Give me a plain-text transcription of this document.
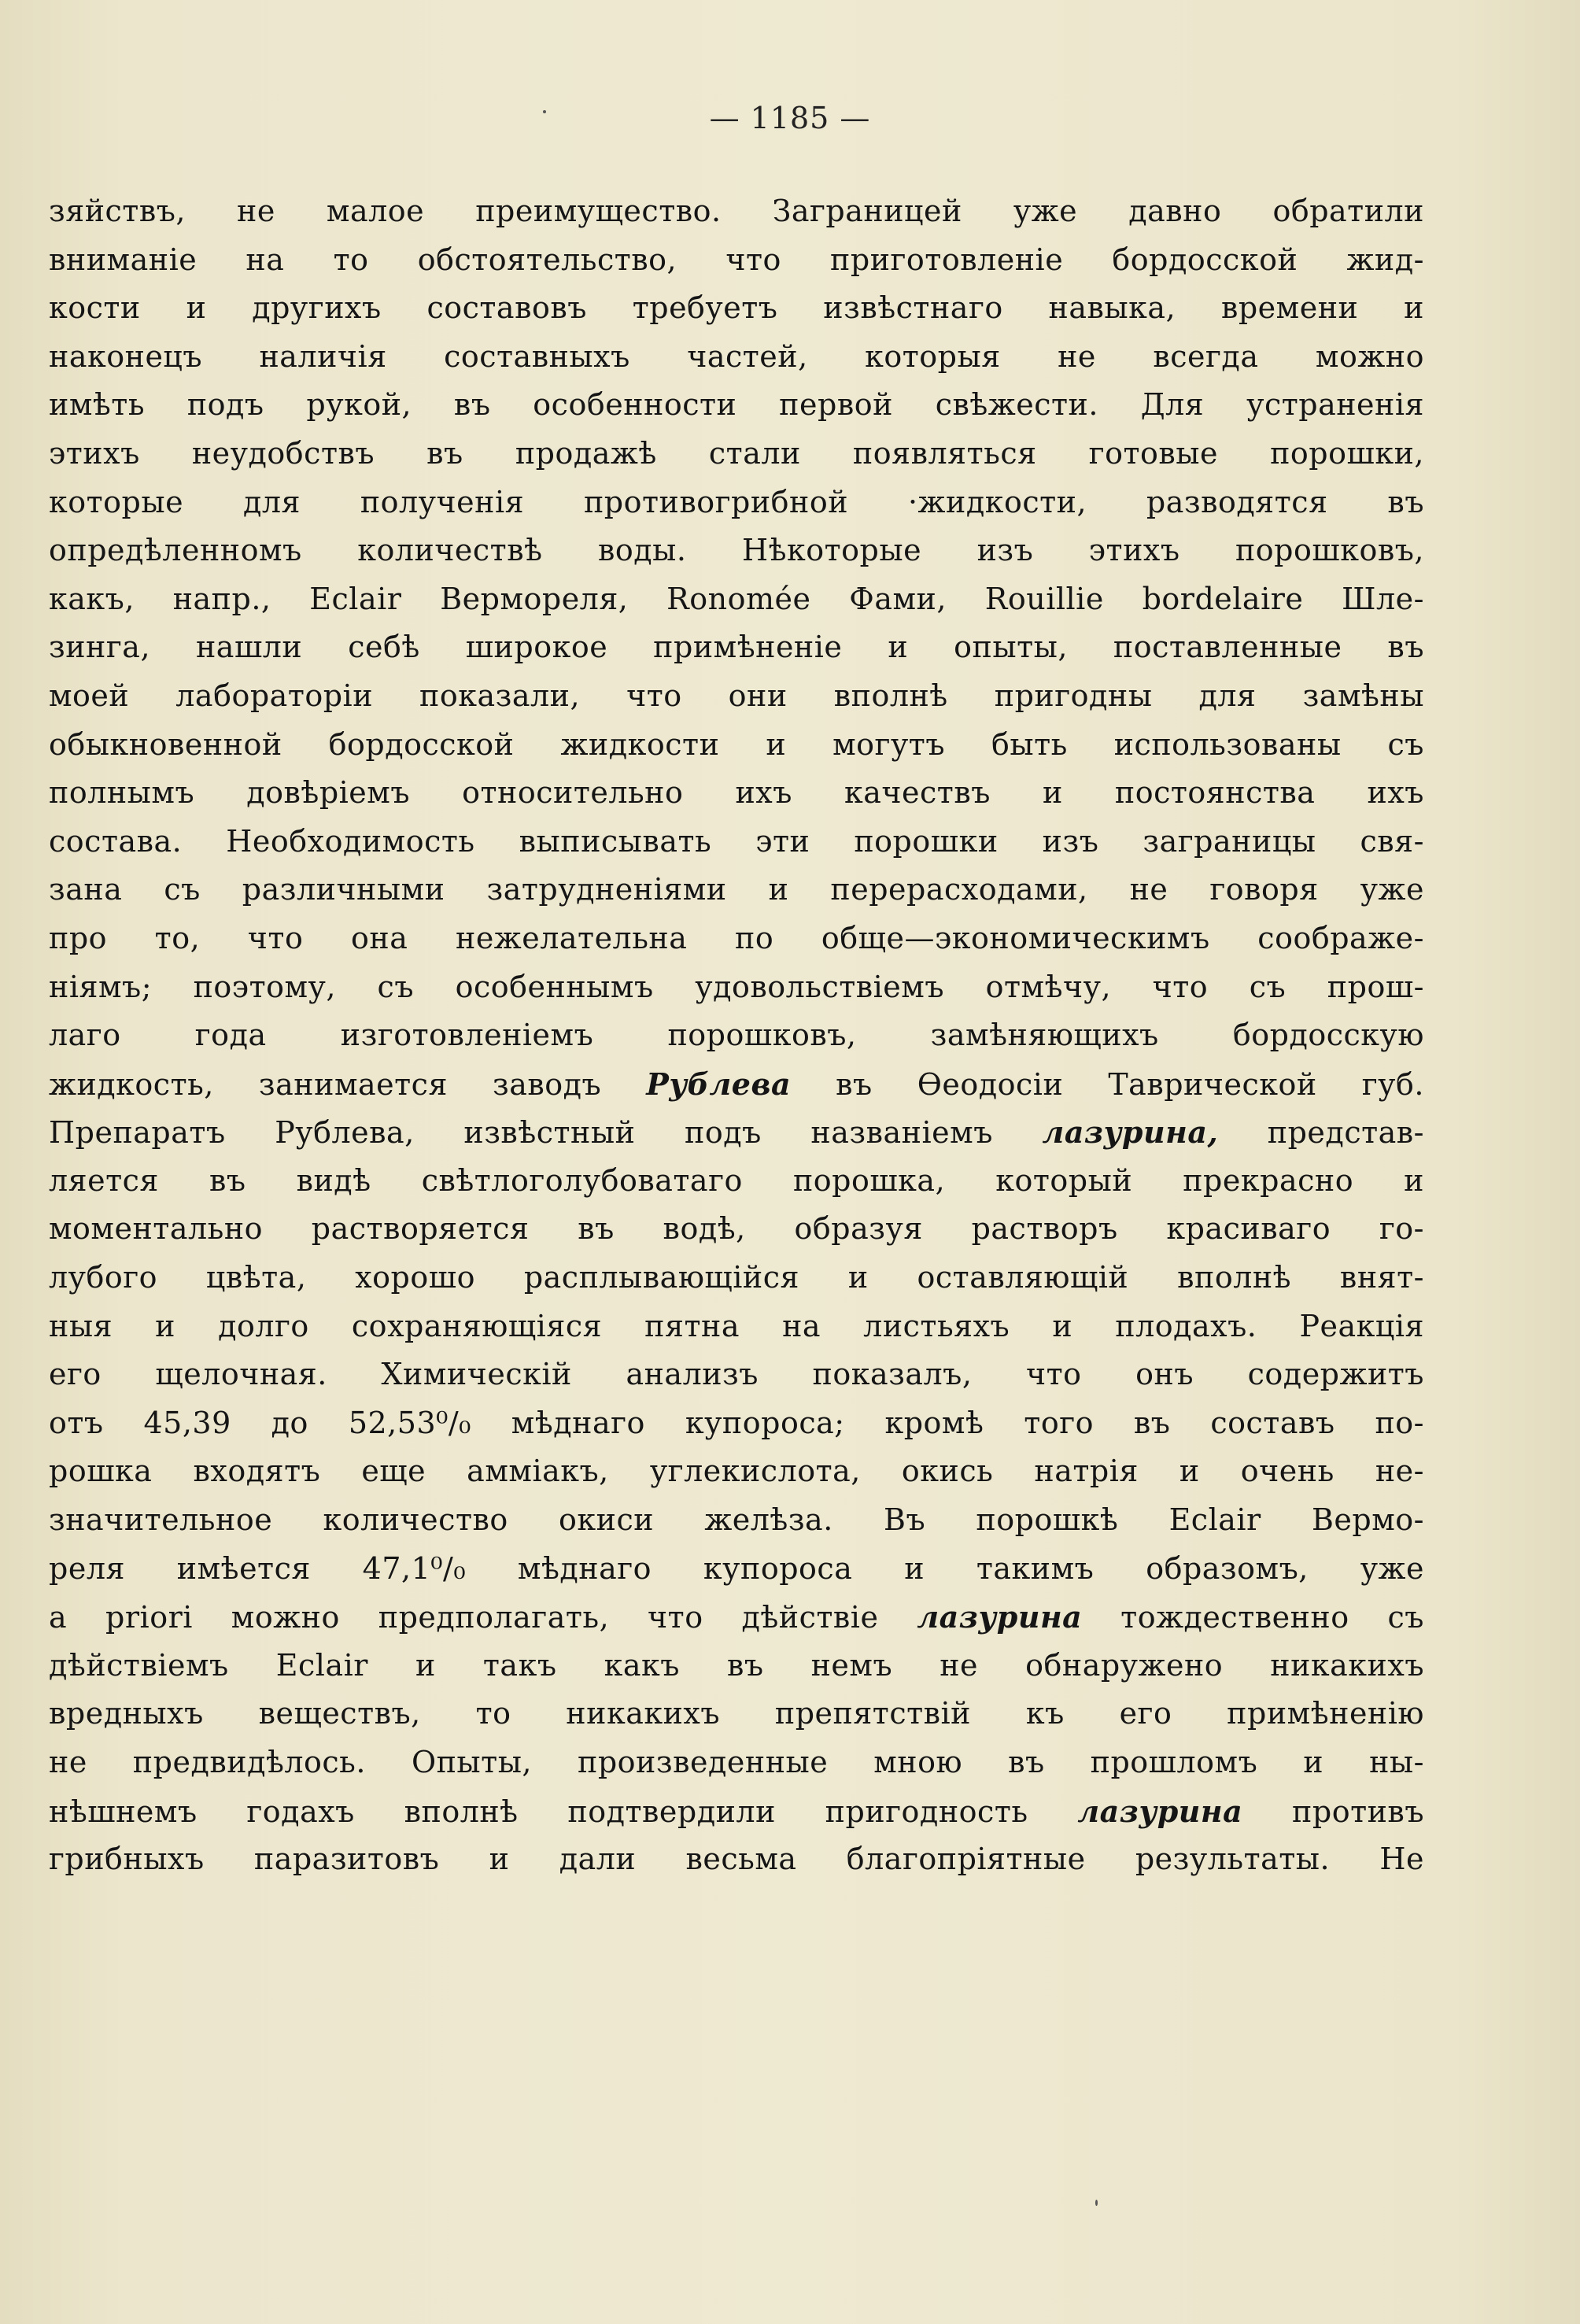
— 1185 —
зяйствъ, не малое преимущество. Заграницей уже давно обратили
вниманіе на то обстоятельство, что приготовленіе бордосской жид-
кости и другихъ составовъ требуетъ извѣстнаго навыка, времени и
наконецъ наличія составныхъ частей, которыя не всегда можно
имѣть подъ рукой, въ особенности первой свѣжести. Для устраненія
этихъ неудобствъ въ продажѣ стали появляться готовые порошки,
которые для полученія противогрибной ·жидкости, разводятся въ
опредѣленномъ количествѣ воды. Нѣкоторые изъ этихъ порошковъ,
какъ, напр., Eclair Вермореля, Ronomée Фами, Rouillie bordelaire Шле-
зинга, нашли себѣ широкое примѣненіе и опыты, поставленные въ
моей лабораторіи показали, что они вполнѣ пригодны для замѣны
обыкновенной бордосской жидкости и могутъ быть использованы съ
полнымъ довѣріемъ относительно ихъ качествъ и постоянства ихъ
состава. Необходимость выписывать эти порошки изъ заграницы свя-
зана съ различными затрудненіями и перерасходами, не говоря уже
про то, что она нежелательна по обще—экономическимъ соображе-
ніямъ; поэтому, съ особеннымъ удовольствіемъ отмѣчу, что съ прош-
лаго года изготовленіемъ порошковъ, замѣняющихъ бордосскую
жидкость, занимается заводъ Рублева въ Ѳеодосіи Таврической губ.
Препаратъ Рублева, извѣстный подъ названіемъ лазурина, представ-
ляется въ видѣ свѣтлоголубоватаго порошка, который прекрасно и
моментально растворяется въ водѣ, образуя растворъ красиваго го-
лубого цвѣта, хорошо расплывающійся и оставляющій вполнѣ внят-
ныя и долго сохраняющіяся пятна на листьяхъ и плодахъ. Реакція
его щелочная. Химическій анализъ показалъ, что онъ содержитъ
отъ 45,39 до 52,53⁰/₀ мѣднаго купороса; кромѣ того въ составъ по-
рошка входятъ еще аммiакъ, углекислота, окись натрія и очень не-
значительное количество окиси желѣза. Въ порошкѣ Eclair Вермо-
реля имѣется 47,1⁰/₀ мѣднаго купороса и такимъ образомъ, уже
a priori можно предполагать, что дѣйствіе лазурина тождественно съ
дѣйствіемъ Eclair и такъ какъ въ немъ не обнаружено никакихъ
вредныхъ веществъ, то никакихъ препятствій къ его примѣненію
не предвидѣлось. Опыты, произведенные мною въ прошломъ и ны-
нѣшнемъ годахъ вполнѣ подтвердили пригодность лазурина противъ
грибныхъ паразитовъ и дали весьма благопріятные результаты. Не
